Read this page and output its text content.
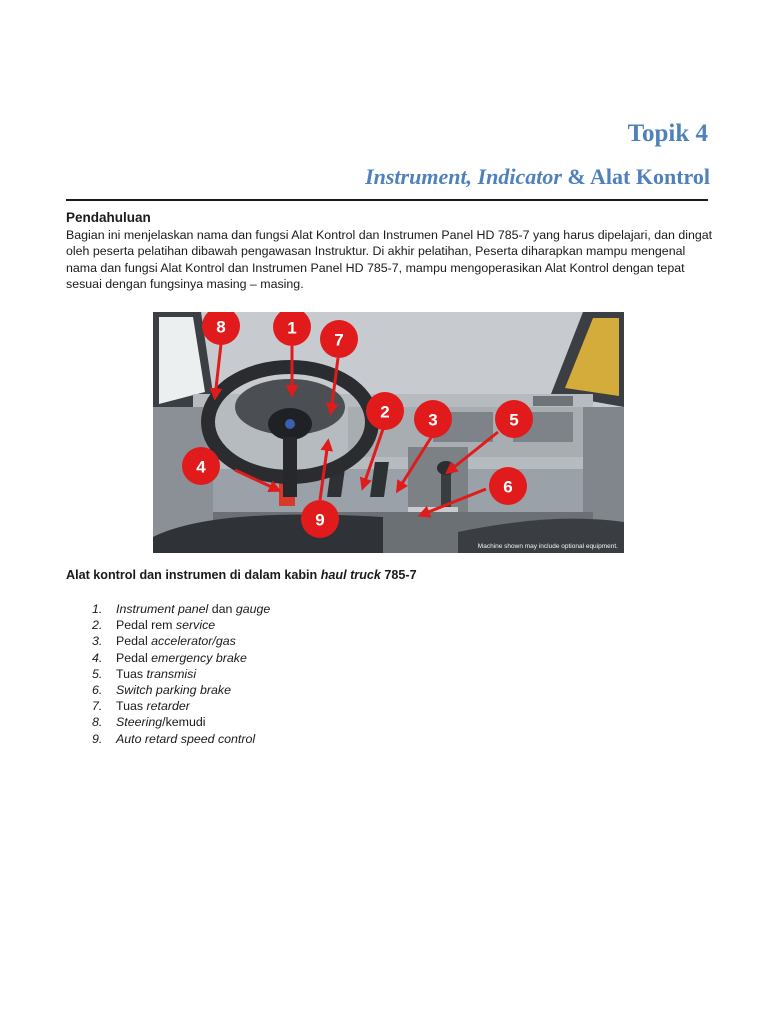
Topik 4
Instrument, Indicator & Alat Kontrol
Pendahuluan
Bagian ini menjelaskan nama dan fungsi Alat Kontrol dan Instrumen Panel HD 785-7 yang harus dipelajari, dan dingat oleh peserta pelatihan dibawah pengawasan Instruktur. Di akhir pelatihan, Peserta diharapkan mampu mengenal nama dan fungsi Alat Kontrol dan Instrumen Panel HD 785-7, mampu mengoperasikan Alat Kontrol dengan tepat sesuai dengan fungsinya masing – masing.
8	1
7
2 3	5
4
6
9
Machine shown may include optional equipment.
Alat kontrol dan instrumen di dalam kabin haul truck 785-7
1.	Instrument panel dan gauge
2.	Pedal rem service
3.	Pedal accelerator/gas
4.	Pedal emergency brake
5.	Tuas transmisi
6.	Switch parking brake
7.	Tuas retarder
8.	Steering/kemudi
9.	Auto retard speed control
